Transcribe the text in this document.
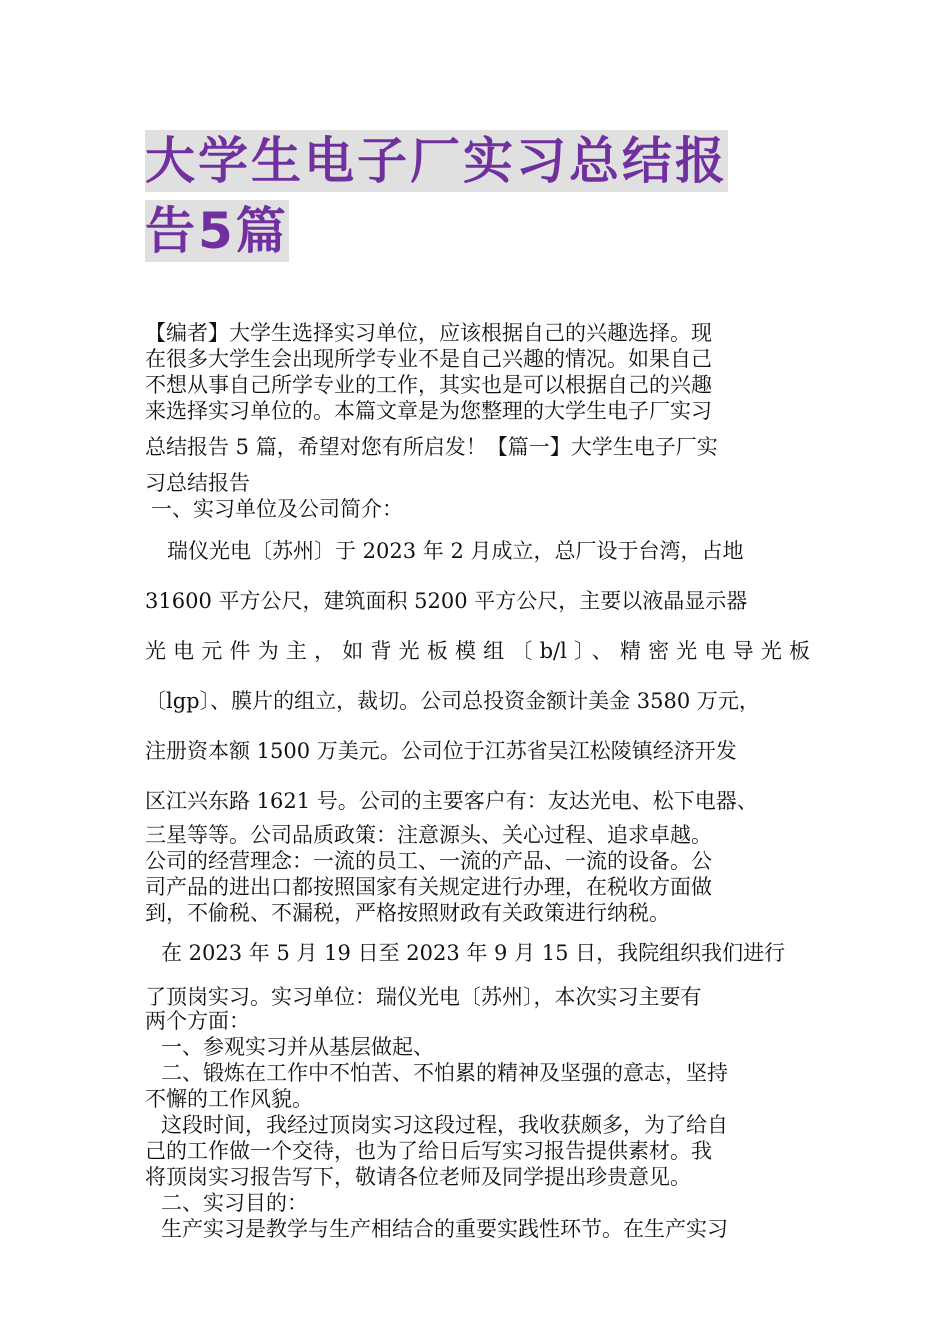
大学生电子厂实习总结报
告5篇
【编者】大学生选择实习单位，应该根据自己的兴趣选择。现
在很多大学生会出现所学专业不是自己兴趣的情况。如果自己
不想从事自己所学专业的工作，其实也是可以根据自己的兴趣
来选择实习单位的。本篇文章是为您整理的大学生电子厂实习
总结报告 5 篇，希望对您有所启发！【篇一】大学生电子厂实
习总结报告
一、实习单位及公司简介：
瑞仪光电〔苏州〕于 2023 年 2 月成立，总厂设于台湾，占地
31600 平方公尺，建筑面积 5200 平方公尺，主要以液晶显示器
光电元件为主，如背光板模组〔b/l〕、精密光电导光板
〔lgp〕、膜片的组立，裁切。公司总投资金额计美金 3580 万元，
注册资本额 1500 万美元。公司位于江苏省吴江松陵镇经济开发
区江兴东路 1621 号。公司的主要客户有：友达光电、松下电器、
三星等等。公司品质政策：注意源头、关心过程、追求卓越。
公司的经营理念：一流的员工、一流的产品、一流的设备。公
司产品的进出口都按照国家有关规定进行办理，在税收方面做
到，不偷税、不漏税，严格按照财政有关政策进行纳税。
在 2023 年 5 月 19 日至 2023 年 9 月 15 日，我院组织我们进行
了顶岗实习。实习单位：瑞仪光电〔苏州〕，本次实习主要有
两个方面：
一、参观实习并从基层做起、
二、锻炼在工作中不怕苦、不怕累的精神及坚强的意志，坚持
不懈的工作风貌。
这段时间，我经过顶岗实习这段过程，我收获颇多，为了给自
己的工作做一个交待，也为了给日后写实习报告提供素材。我
将顶岗实习报告写下，敬请各位老师及同学提出珍贵意见。
二、实习目的：
生产实习是教学与生产相结合的重要实践性环节。在生产实习
